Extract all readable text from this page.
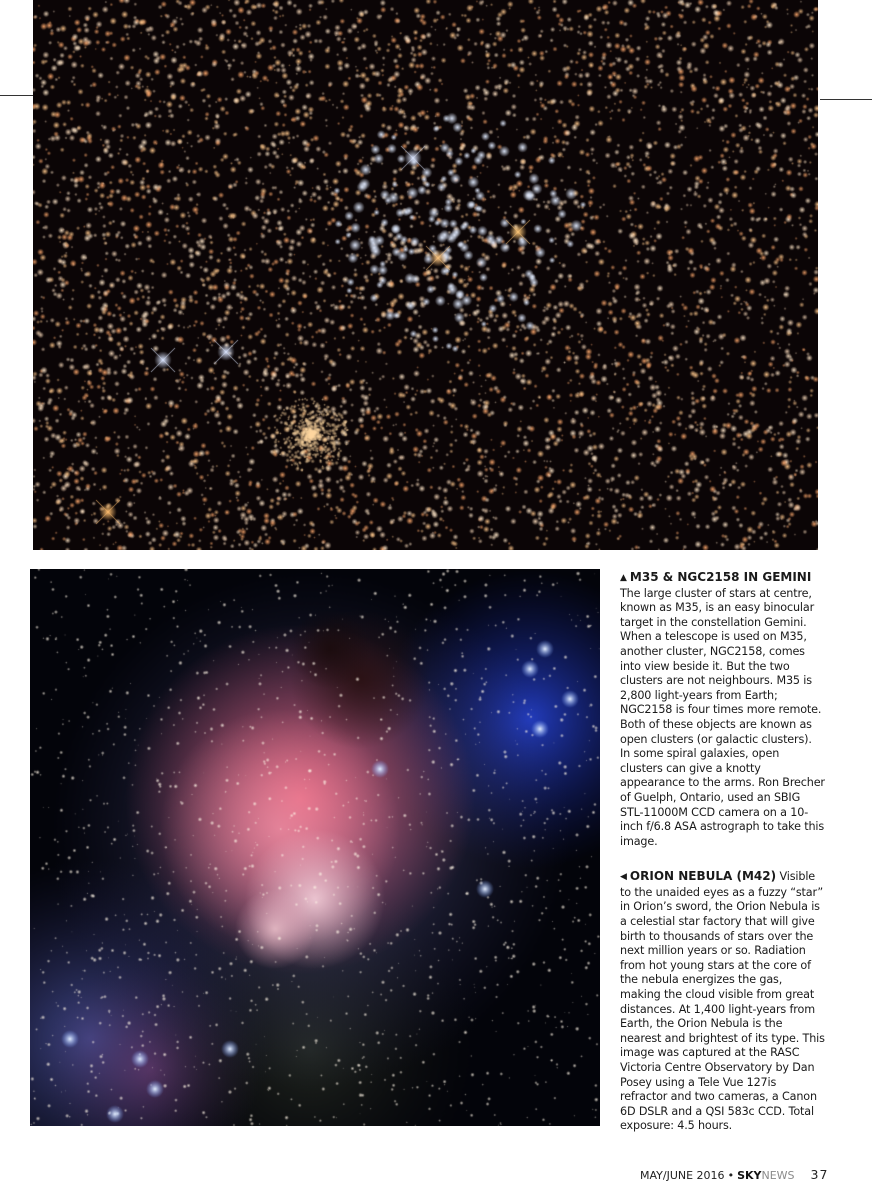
▲ M35 & NGC2158 IN GEMINI
The large cluster of stars at centre, known as M35, is an easy binocular target in the constellation Gemini. When a telescope is used on M35, another cluster, NGC2158, comes into view beside it. But the two clusters are not neighbours. M35 is 2,800 light-years from Earth; NGC2158 is four times more remote. Both of these objects are known as open clusters (or galactic clusters). In some spiral galaxies, open clusters can give a knotty appearance to the arms. Ron Brecher of Guelph, Ontario, used an SBIG STL-11000M CCD camera on a 10-inch f/6.8 ASA astrograph to take this image.

◀ ORION NEBULA (M42) Visible to the unaided eyes as a fuzzy “star” in Orion’s sword, the Orion Nebula is a celestial star factory that will give birth to thousands of stars over the next million years or so. Radiation from hot young stars at the core of the nebula energizes the gas, making the cloud visible from great distances. At 1,400 light-years from Earth, the Orion Nebula is the nearest and brightest of its type. This image was captured at the RASC Victoria Centre Observatory by Dan Posey using a Tele Vue 127is refractor and two cameras, a Canon 6D DSLR and a QSI 583c CCD. Total exposure: 4.5 hours.

MAY/JUNE 2016 • SKYNEWS 37
